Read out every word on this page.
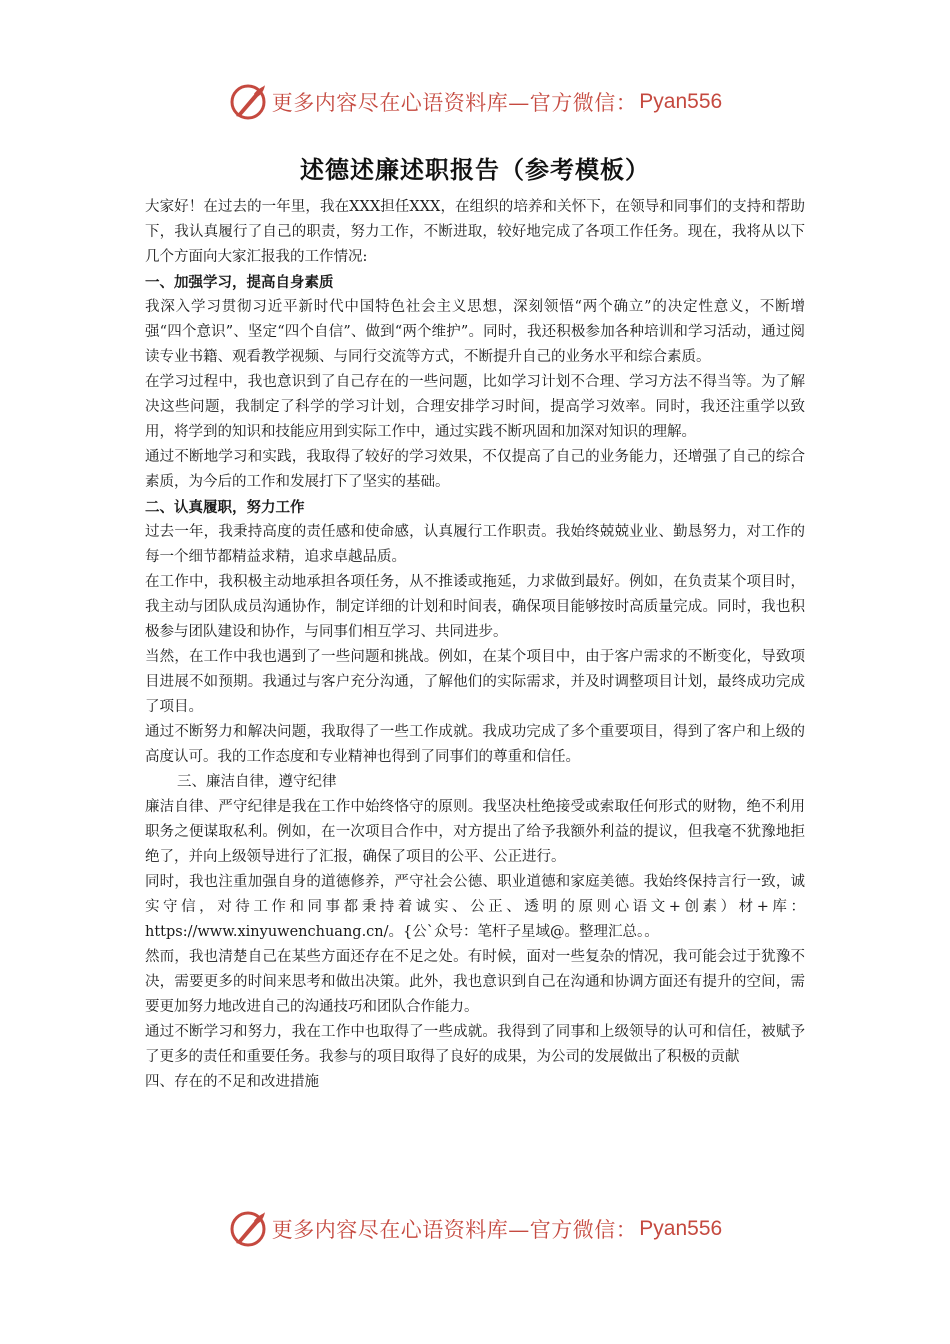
更多内容尽在心语资料库—官方微信： Pyan556
述德述廉述职报告（参考模板）

大家好！在过去的一年里，我在XXX担任XXX，在组织的培养和关怀下，在领导和同事们的支持和帮助下，我认真履行了自己的职责，努力工作，不断进取，较好地完成了各项工作任务。现在，我将从以下几个方面向大家汇报我的工作情况:

一、加强学习，提高自身素质

我深入学习贯彻习近平新时代中国特色社会主义思想，深刻领悟“两个确立”的决定性意义，不断增强“四个意识”、坚定“四个自信”、做到“两个维护”。同时，我还积极参加各种培训和学习活动，通过阅读专业书籍、观看教学视频、与同行交流等方式，不断提升自己的业务水平和综合素质。

在学习过程中，我也意识到了自己存在的一些问题，比如学习计划不合理、学习方法不得当等。为了解决这些问题，我制定了科学的学习计划，合理安排学习时间，提高学习效率。同时，我还注重学以致用，将学到的知识和技能应用到实际工作中，通过实践不断巩固和加深对知识的理解。

通过不断地学习和实践，我取得了较好的学习效果，不仅提高了自己的业务能力，还增强了自己的综合素质，为今后的工作和发展打下了坚实的基础。

二、认真履职，努力工作

过去一年，我秉持高度的责任感和使命感，认真履行工作职责。我始终兢兢业业、勤恳努力，对工作的每一个细节都精益求精，追求卓越品质。

在工作中，我积极主动地承担各项任务，从不推诿或拖延，力求做到最好。例如，在负责某个项目时，我主动与团队成员沟通协作，制定详细的计划和时间表，确保项目能够按时高质量完成。同时，我也积极参与团队建设和协作，与同事们相互学习、共同进步。

当然，在工作中我也遇到了一些问题和挑战。例如，在某个项目中，由于客户需求的不断变化，导致项目进展不如预期。我通过与客户充分沟通，了解他们的实际需求，并及时调整项目计划，最终成功完成了项目。

通过不断努力和解决问题，我取得了一些工作成就。我成功完成了多个重要项目，得到了客户和上级的高度认可。我的工作态度和专业精神也得到了同事们的尊重和信任。

三、廉洁自律，遵守纪律

廉洁自律、严守纪律是我在工作中始终恪守的原则。我坚决杜绝接受或索取任何形式的财物，绝不利用职务之便谋取私利。例如，在一次项目合作中，对方提出了给予我额外利益的提议，但我毫不犹豫地拒绝了，并向上级领导进行了汇报，确保了项目的公平、公正进行。

同时，我也注重加强自身的道德修养，严守社会公德、职业道德和家庭美德。我始终保持言行一致，诚实守信，对待工作和同事都秉持着诚实、公正、透明的原则心语文+创素）材+库：https://www.xinyuwenchuang.cn/。{公`众号：笔杆子星域@。整理汇总。。

然而，我也清楚自己在某些方面还存在不足之处。有时候，面对一些复杂的情况，我可能会过于犹豫不决，需要更多的时间来思考和做出决策。此外，我也意识到自己在沟通和协调方面还有提升的空间，需要更加努力地改进自己的沟通技巧和团队合作能力。

通过不断学习和努力，我在工作中也取得了一些成就。我得到了同事和上级领导的认可和信任，被赋予了更多的责任和重要任务。我参与的项目取得了良好的成果，为公司的发展做出了积极的贡献

四、存在的不足和改进措施

更多内容尽在心语资料库—官方微信： Pyan556
